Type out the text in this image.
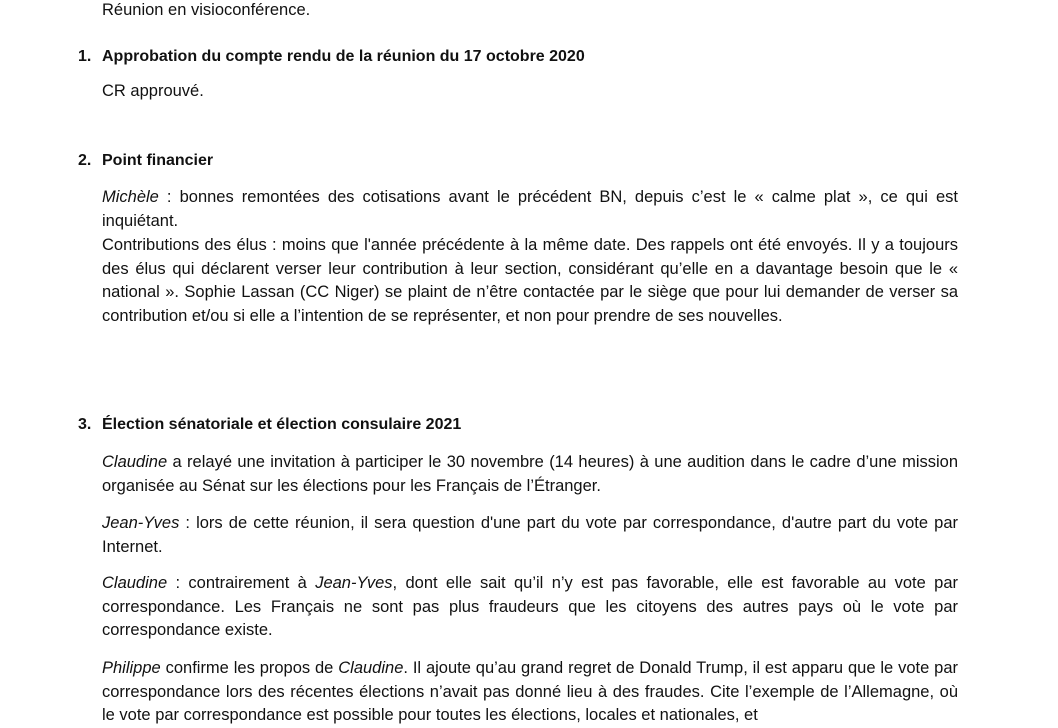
Réunion en visioconférence.
1. Approbation du compte rendu de la réunion du 17 octobre 2020
CR approuvé.
2. Point financier

Michèle : bonnes remontées des cotisations avant le précédent BN, depuis c’est le « calme plat », ce qui est inquiétant.

Contributions des élus : moins que l'année précédente à la même date. Des rappels ont été envoyés. Il y a toujours des élus qui déclarent verser leur contribution à leur section, considérant qu’elle en a davantage besoin que le « national ». Sophie Lassan (CC Niger) se plaint de n’être contactée par le siège que pour lui demander de verser sa contribution et/ou si elle a l’intention de se représenter, et non pour prendre de ses nouvelles.

3. Élection sénatoriale et élection consulaire 2021

Claudine a relayé une invitation à participer le 30 novembre (14 heures) à une audition dans le cadre d’une mission organisée au Sénat sur les élections pour les Français de l’Étranger.

Jean-Yves : lors de cette réunion, il sera question d'une part du vote par correspondance, d'autre part du vote par Internet.

Claudine : contrairement à Jean-Yves, dont elle sait qu’il n’y est pas favorable, elle est favorable au vote par correspondance. Les Français ne sont pas plus fraudeurs que les citoyens des autres pays où le vote par correspondance existe.

Philippe confirme les propos de Claudine. Il ajoute qu’au grand regret de Donald Trump, il est apparu que le vote par correspondance lors des récentes élections n’avait pas donné lieu à des fraudes. Cite l’exemple de l’Allemagne, où le vote par correspondance est possible pour toutes les élections, locales et nationales, et
